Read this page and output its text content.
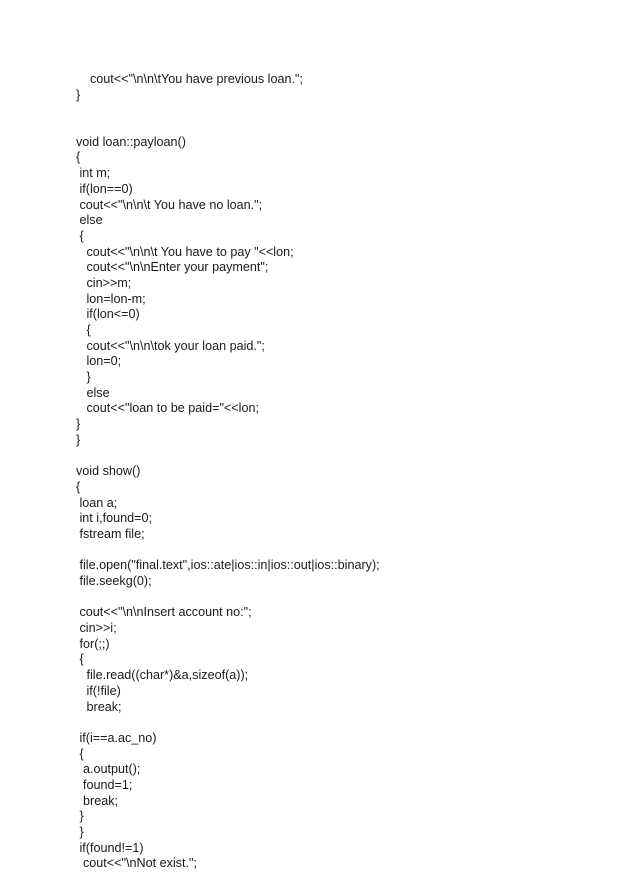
cout<<"\n\n\tYou have previous loan.";
}
void loan::payloan()
{
int m;
if(lon==0)
cout<<"\n\n\t You have no loan.";
else
{
cout<<"\n\n\t You have to pay "<<lon;
cout<<"\n\nEnter your payment";
cin>>m;
lon=lon-m;
if(lon<=0)
{
cout<<"\n\n\tok your loan paid.";
lon=0;
}
else
cout<<"loan to be paid="<<lon;
}
}
void show()
{
loan a;
int i,found=0;
fstream file;
file.open("final.text",ios::ate|ios::in|ios::out|ios::binary);
file.seekg(0);
cout<<"\n\nInsert account no:";
cin>>i;
for(;;)
{
file.read((char*)&a,sizeof(a));
if(!file)
break;
if(i==a.ac_no)
{
a.output();
found=1;
break;
}
}
if(found!=1)
cout<<"\nNot exist.";
